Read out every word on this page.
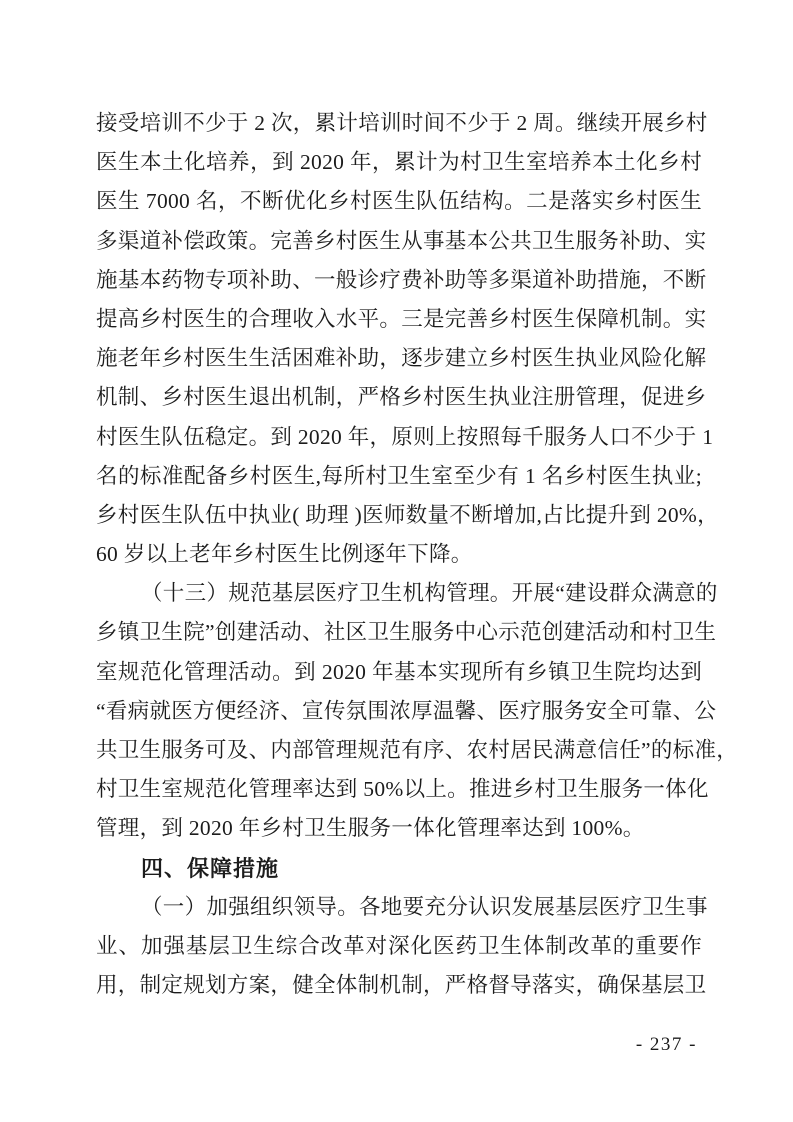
接受培训不少于 2 次，累计培训时间不少于 2 周。继续开展乡村
医生本土化培养，到 2020 年，累计为村卫生室培养本土化乡村
医生 7000 名，不断优化乡村医生队伍结构。二是落实乡村医生
多渠道补偿政策。完善乡村医生从事基本公共卫生服务补助、实
施基本药物专项补助、一般诊疗费补助等多渠道补助措施，不断
提高乡村医生的合理收入水平。三是完善乡村医生保障机制。实
施老年乡村医生生活困难补助，逐步建立乡村医生执业风险化解
机制、乡村医生退出机制，严格乡村医生执业注册管理，促进乡
村医生队伍稳定。到 2020 年，原则上按照每千服务人口不少于 1
名的标准配备乡村医生,每所村卫生室至少有 1 名乡村医生执业;
乡村医生队伍中执业( 助理 )医师数量不断增加,占比提升到 20%，
60 岁以上老年乡村医生比例逐年下降。
（十三）规范基层医疗卫生机构管理。开展“建设群众满意的
乡镇卫生院”创建活动、社区卫生服务中心示范创建活动和村卫生
室规范化管理活动。到 2020 年基本实现所有乡镇卫生院均达到
“看病就医方便经济、宣传氛围浓厚温馨、医疗服务安全可靠、公
共卫生服务可及、内部管理规范有序、农村居民满意信任”的标准，
村卫生室规范化管理率达到 50%以上。推进乡村卫生服务一体化
管理，到 2020 年乡村卫生服务一体化管理率达到 100%。
四、保障措施
（一）加强组织领导。各地要充分认识发展基层医疗卫生事
业、加强基层卫生综合改革对深化医药卫生体制改革的重要作
用，制定规划方案，健全体制机制，严格督导落实，确保基层卫
- 237 -
